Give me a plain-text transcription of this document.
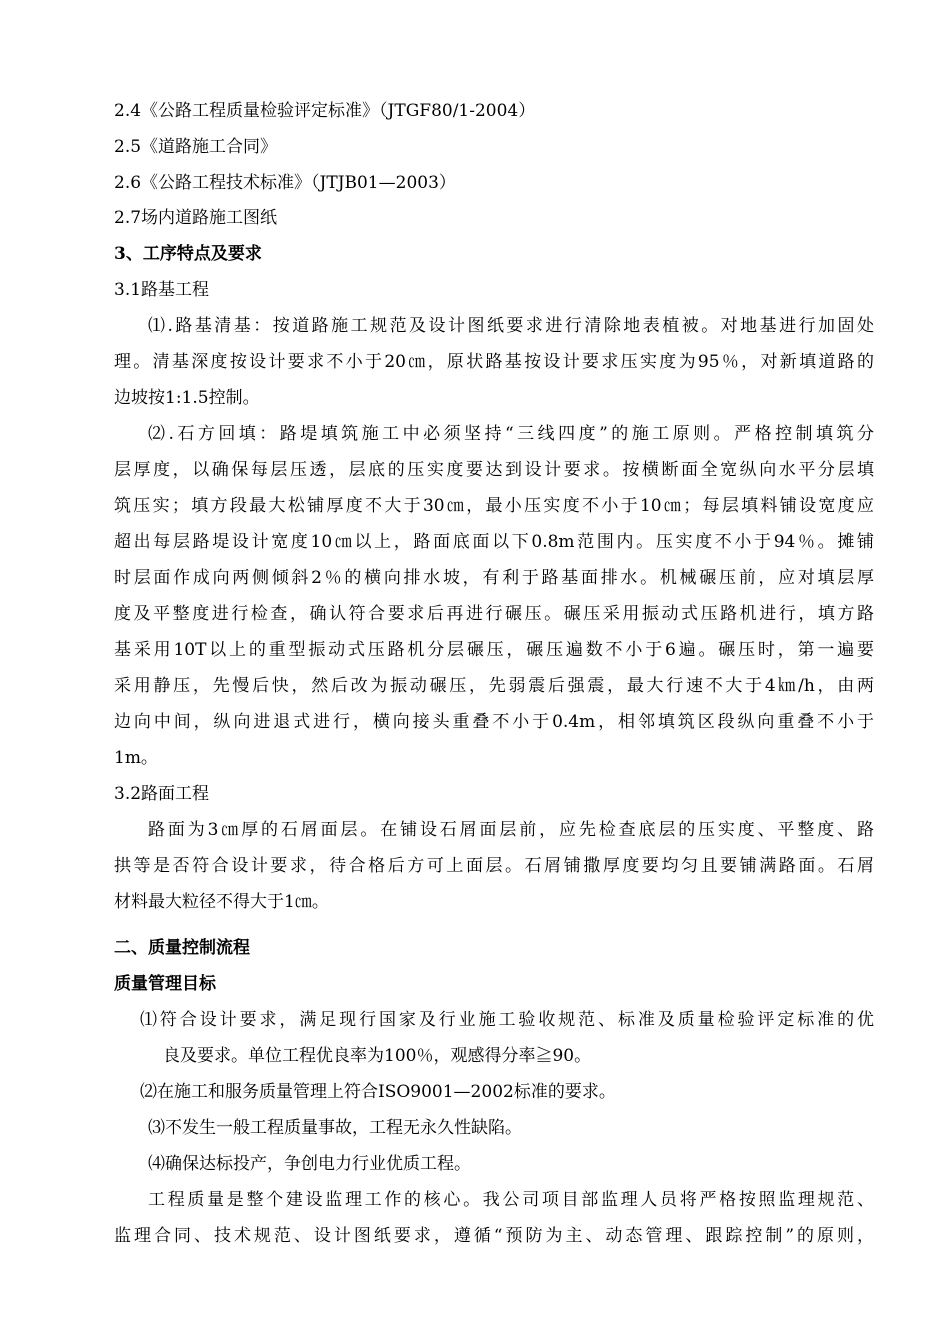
2.4《公路工程质量检验评定标准》（JTGF80/1-2004）
2.5《道路施工合同》
2.6《公路工程技术标准》（JTJB01—2003）
2.7场内道路施工图纸
3、工序特点及要求
3.1路基工程
⑴.路基清基：按道路施工规范及设计图纸要求进行清除地表植被。对地基进行加固处
理。清基深度按设计要求不小于20㎝，原状路基按设计要求压实度为95％，对新填道路的
边坡按1:1.5控制。
⑵.石方回填：路堤填筑施工中必须坚持“三线四度”的施工原则。严格控制填筑分
层厚度，以确保每层压透，层底的压实度要达到设计要求。按横断面全宽纵向水平分层填
筑压实；填方段最大松铺厚度不大于30㎝，最小压实度不小于10㎝；每层填料铺设宽度应
超出每层路堤设计宽度10㎝以上，路面底面以下0.8m范围内。压实度不小于94％。摊铺
时层面作成向两侧倾斜2％的横向排水坡，有利于路基面排水。机械碾压前，应对填层厚
度及平整度进行检查，确认符合要求后再进行碾压。碾压采用振动式压路机进行，填方路
基采用10T以上的重型振动式压路机分层碾压，碾压遍数不小于6遍。碾压时，第一遍要
采用静压，先慢后快，然后改为振动碾压，先弱震后强震，最大行速不大于4㎞/h，由两
边向中间，纵向进退式进行，横向接头重叠不小于0.4m，相邻填筑区段纵向重叠不小于
1m。
3.2路面工程
路面为3㎝厚的石屑面层。在铺设石屑面层前，应先检查底层的压实度、平整度、路
拱等是否符合设计要求，待合格后方可上面层。石屑铺撒厚度要均匀且要铺满路面。石屑
材料最大粒径不得大于1㎝。
二、质量控制流程
质量管理目标
⑴符合设计要求，满足现行国家及行业施工验收规范、标准及质量检验评定标准的优
良及要求。单位工程优良率为100％，观感得分率≧90。
⑵在施工和服务质量管理上符合ISO9001—2002标准的要求。
⑶不发生一般工程质量事故，工程无永久性缺陷。
⑷确保达标投产，争创电力行业优质工程。
工程质量是整个建设监理工作的核心。我公司项目部监理人员将严格按照监理规范、
监理合同、技术规范、设计图纸要求，遵循“预防为主、动态管理、跟踪控制”的原则，
